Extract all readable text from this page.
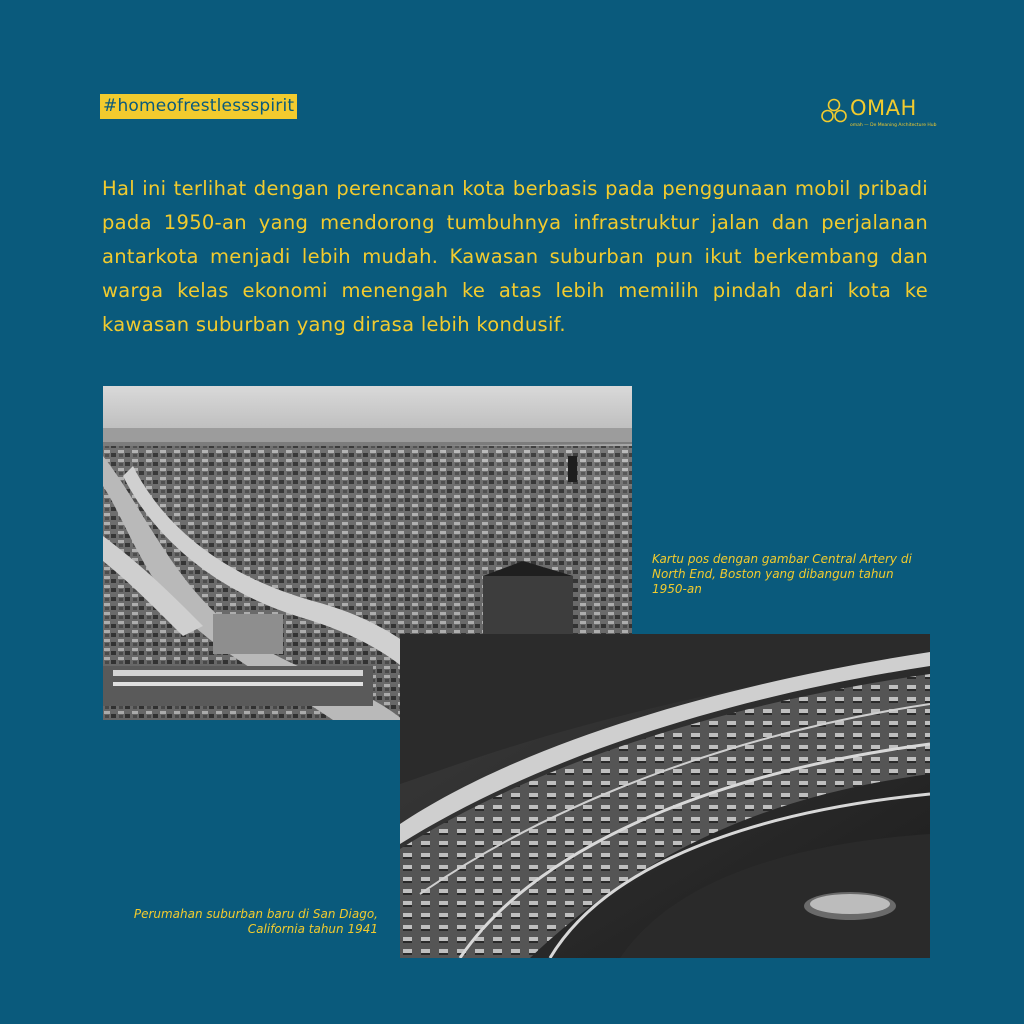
#homeofrestlessspirit	OMAH
omah — De Meaning Architecture Hub

Hal ini terlihat dengan perencanan kota berbasis pada penggunaan mobil pribadi pada 1950-an yang mendorong tumbuhnya infrastruktur jalan dan perjalanan antarkota menjadi lebih mudah. Kawasan suburban pun ikut berkembang dan warga kelas ekonomi menengah ke atas lebih memilih pindah dari kota ke kawasan suburban yang dirasa lebih kondusif.

Kartu pos dengan gambar Central Artery di North End, Boston yang dibangun tahun 1950-an

Perumahan suburban baru di San Diago, California tahun 1941
